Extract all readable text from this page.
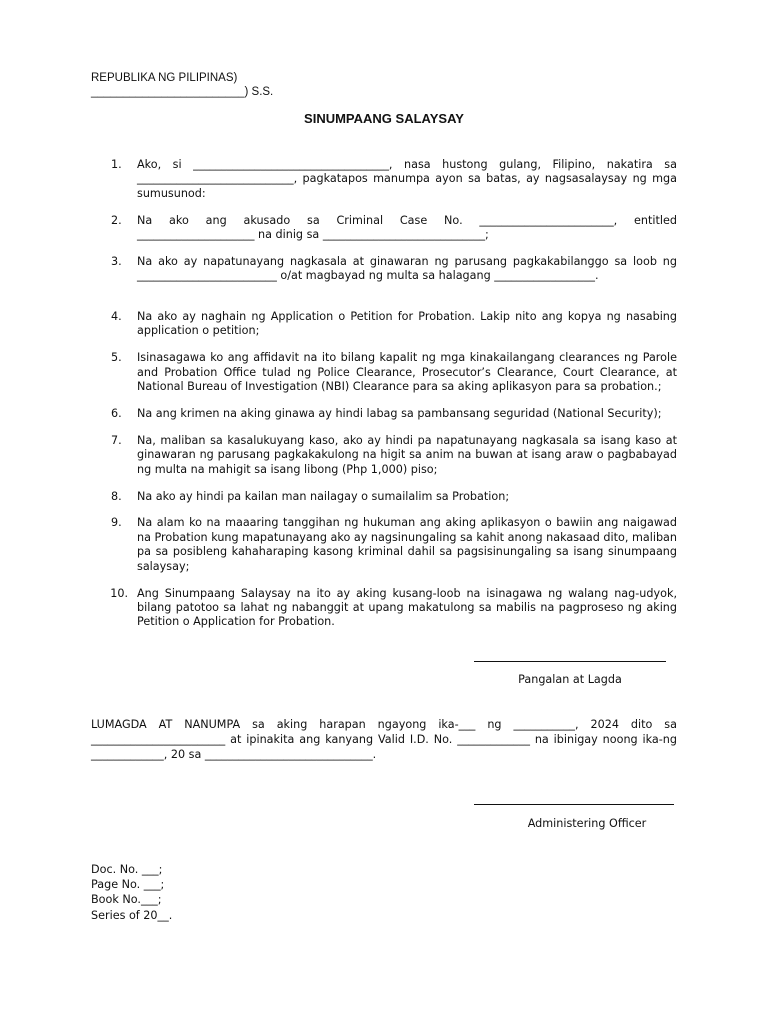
REPUBLIKA NG PILIPINAS)
________________________) S.S.
SINUMPAANG SALAYSAY
1.	Ako, si ___________________________________, nasa hustong gulang, Filipino, nakatira sa ____________________________, pagkatapos manumpa ayon sa batas, ay nagsasalaysay ng mga sumusunod:
2.	Na ako ang akusado sa Criminal Case No. ________________________, entitled _____________________ na dinig sa _____________________________;
3.	Na ako ay napatunayang nagkasala at ginawaran ng parusang pagkakabilanggo sa loob ng _________________________ o/at magbayad ng multa sa halagang __________________.
4.	Na ako ay naghain ng Application o Petition for Probation. Lakip nito ang kopya ng nasabing application o petition;
5.	Isinasagawa ko ang affidavit na ito bilang kapalit ng mga kinakailangang clearances ng Parole and Probation Office tulad ng Police Clearance, Prosecutor’s Clearance, Court Clearance, at National Bureau of Investigation (NBI) Clearance para sa aking aplikasyon para sa probation.;
6.	Na ang krimen na aking ginawa ay hindi labag sa pambansang seguridad (National Security);
7.	Na, maliban sa kasalukuyang kaso, ako ay hindi pa napatunayang nagkasala sa isang kaso at ginawaran ng parusang pagkakakulong na higit sa anim na buwan at isang araw o pagbabayad ng multa na mahigit sa isang libong (Php 1,000) piso;
8.	Na ako ay hindi pa kailan man nailagay o sumailalim sa Probation;
9.	Na alam ko na maaaring tanggihan ng hukuman ang aking aplikasyon o bawiin ang naigawad na Probation kung mapatunayang ako ay nagsinungaling sa kahit anong nakasaad dito, maliban pa sa posibleng kahaharaping kasong kriminal dahil sa pagsisinungaling sa isang sinumpaang salaysay;
10. Ang Sinumpaang Salaysay na ito ay aking kusang-loob na isinagawa ng walang nag-udyok, bilang patotoo sa lahat ng nabanggit at upang makatulong sa mabilis na pagproseso ng aking Petition o Application for Probation.
Pangalan at Lagda
LUMAGDA AT NANUMPA sa aking harapan ngayong ika-___ ng ___________, 2024 dito sa ________________________ at ipinakita ang kanyang Valid I.D. No. _____________ na ibinigay noong ika-ng _____________, 20 sa ______________________________.
Administering Officer
Doc. No. ___;
Page No. ___;
Book No.___;
Series of 20__.
